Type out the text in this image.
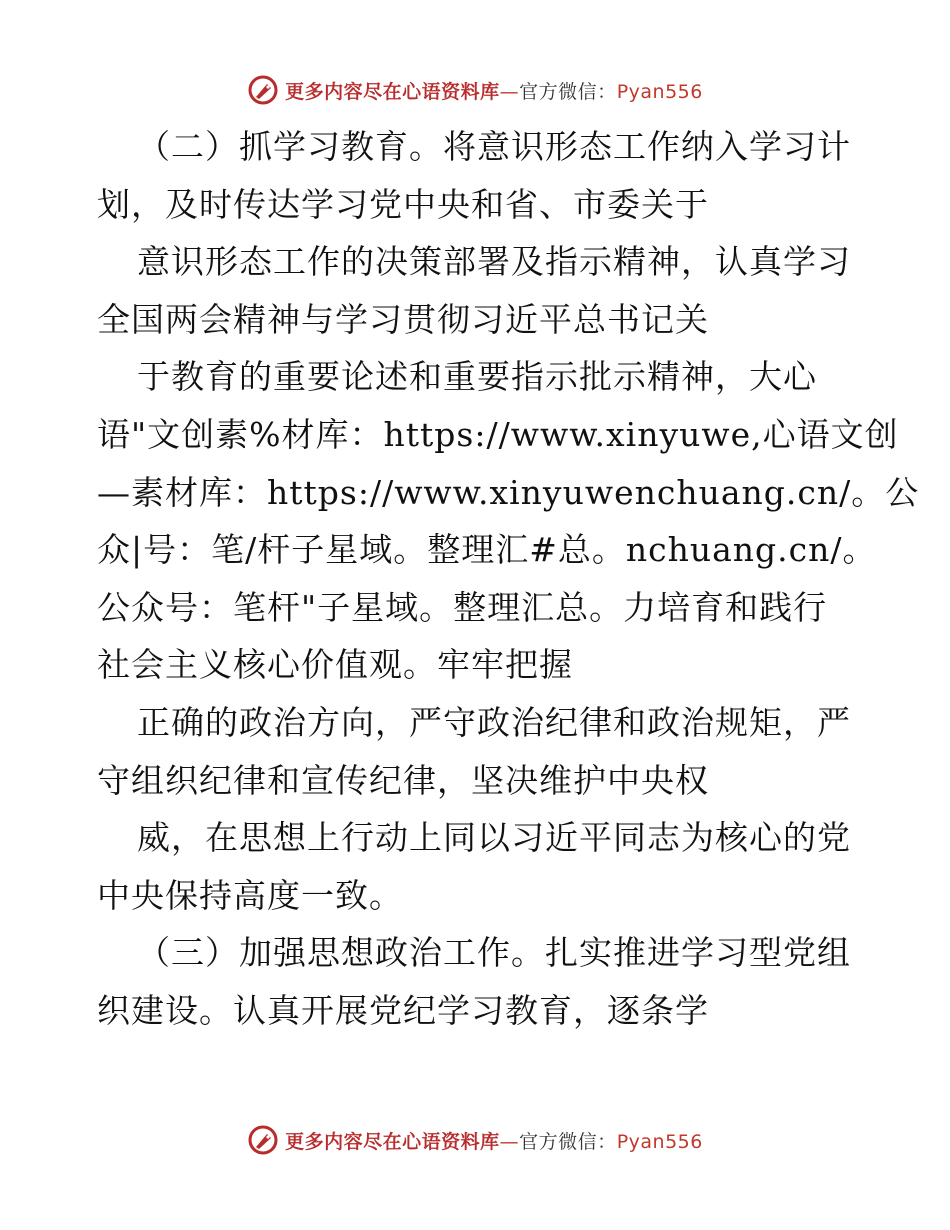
更多内容尽在心语资料库—官方微信：Pyan556
（二）抓学习教育。将意识形态工作纳入学习计
划，及时传达学习党中央和省、市委关于
意识形态工作的决策部署及指示精神，认真学习
全国两会精神与学习贯彻习近平总书记关
于教育的重要论述和重要指示批示精神，大心
语"文创素%材库：https://www.xinyuwe,心语文创
—素材库：https://www.xinyuwenchuang.cn/。公
众|号：笔/杆子星域。整理汇#总。nchuang.cn/。
公众号：笔杆"子星域。整理汇总。力培育和践行
社会主义核心价值观。牢牢把握
正确的政治方向，严守政治纪律和政治规矩，严
守组织纪律和宣传纪律，坚决维护中央权
威，在思想上行动上同以习近平同志为核心的党
中央保持高度一致。
（三）加强思想政治工作。扎实推进学习型党组
织建设。认真开展党纪学习教育，逐条学
更多内容尽在心语资料库—官方微信：Pyan556
